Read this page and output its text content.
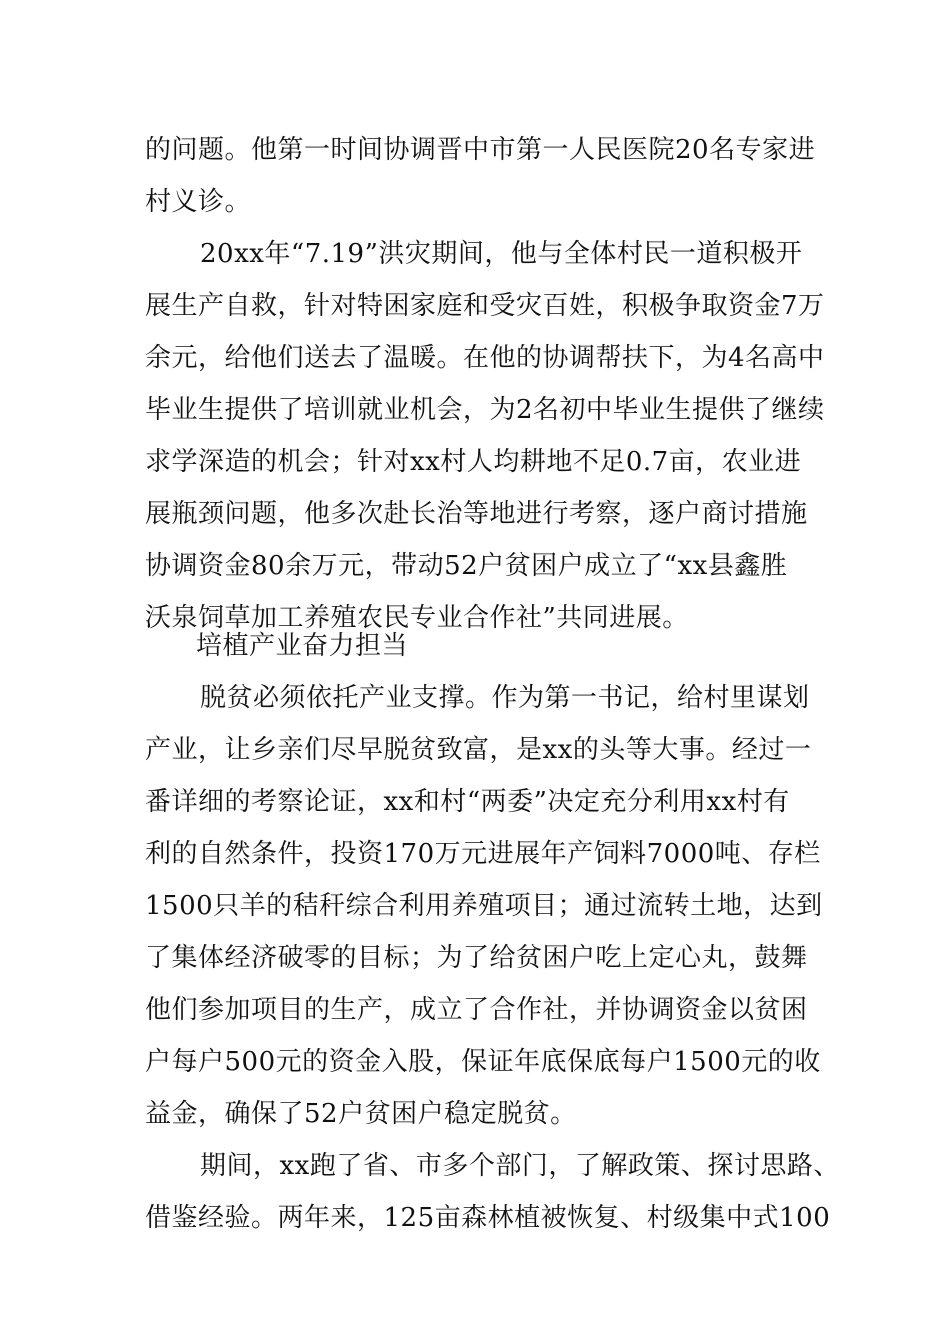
的问题。他第一时间协调晋中市第一人民医院20名专家进
村义诊。
20xx年“7.19”洪灾期间，他与全体村民一道积极开
展生产自救，针对特困家庭和受灾百姓，积极争取资金7万
余元，给他们送去了温暖。在他的协调帮扶下，为4名高中
毕业生提供了培训就业机会，为2名初中毕业生提供了继续
求学深造的机会；针对xx村人均耕地不足0.7亩，农业进
展瓶颈问题，他多次赴长治等地进行考察，逐户商讨措施
协调资金80余万元，带动52户贫困户成立了“xx县鑫胜
沃泉饲草加工养殖农民专业合作社”共同进展。
培植产业奋力担当
脱贫必须依托产业支撑。作为第一书记，给村里谋划
产业，让乡亲们尽早脱贫致富，是xx的头等大事。经过一
番详细的考察论证，xx和村“两委”决定充分利用xx村有
利的自然条件，投资170万元进展年产饲料7000吨、存栏
1500只羊的秸秆综合利用养殖项目；通过流转土地，达到
了集体经济破零的目标；为了给贫困户吃上定心丸，鼓舞
他们参加项目的生产，成立了合作社，并协调资金以贫困
户每户500元的资金入股，保证年底保底每户1500元的收
益金，确保了52户贫困户稳定脱贫。
期间，xx跑了省、市多个部门，了解政策、探讨思路、
借鉴经验。两年来，125亩森林植被恢复、村级集中式100
